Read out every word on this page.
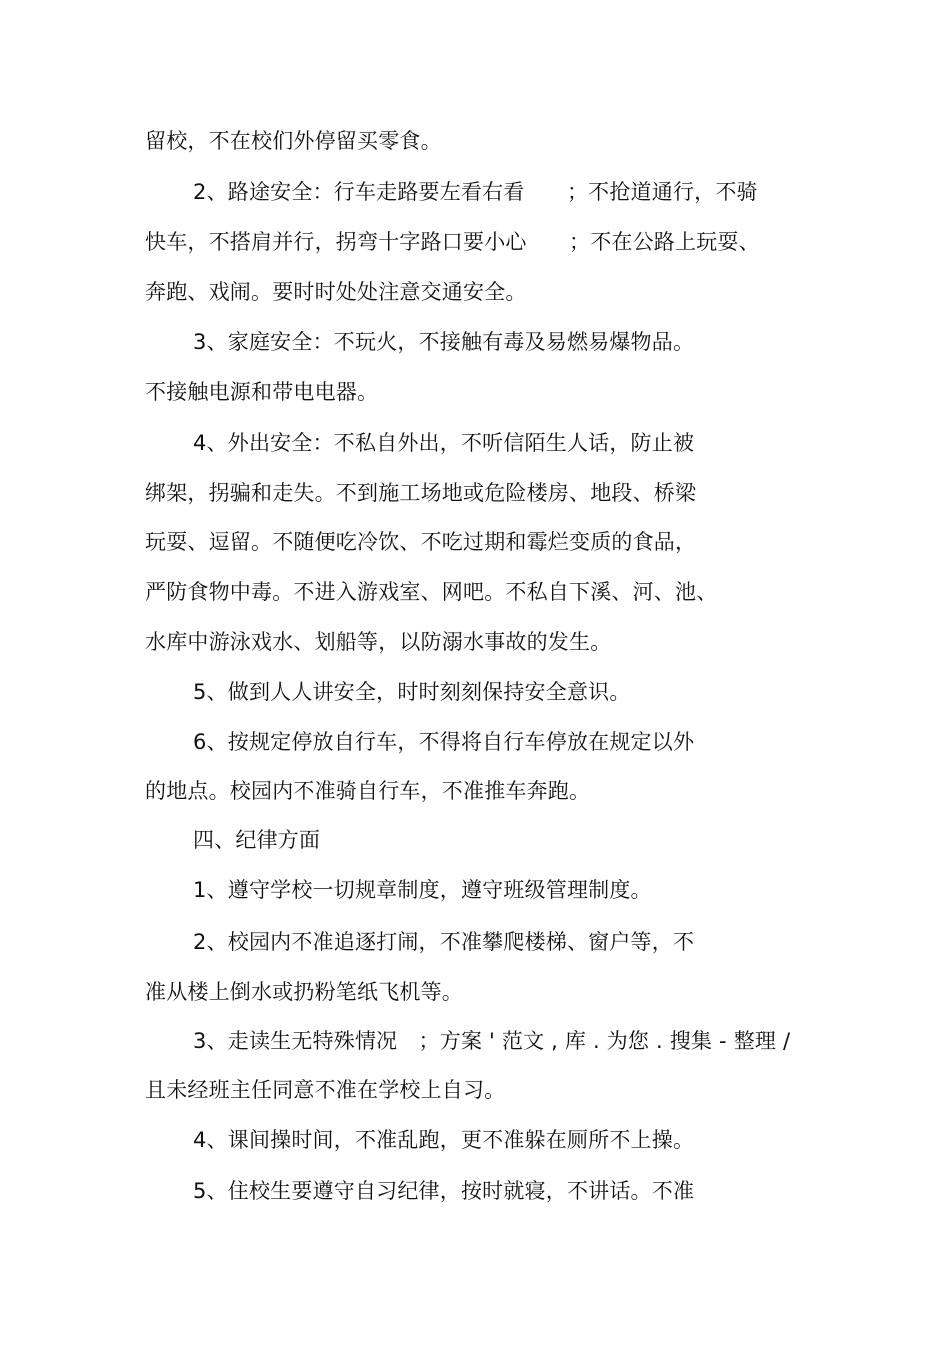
留校，不在校们外停留买零食。
2、路途安全：行车走路要左看右看　　；不抢道通行，不骑
快车，不搭肩并行，拐弯十字路口要小心　　；不在公路上玩耍、
奔跑、戏闹。要时时处处注意交通安全。
3、家庭安全：不玩火，不接触有毒及易燃易爆物品。
不接触电源和带电电器。
4、外出安全：不私自外出，不听信陌生人话，防止被
绑架，拐骗和走失。不到施工场地或危险楼房、地段、桥梁
玩耍、逗留。不随便吃冷饮、不吃过期和霉烂变质的食品，
严防食物中毒。不进入游戏室、网吧。不私自下溪、河、池、
水库中游泳戏水、划船等，以防溺水事故的发生。
5、做到人人讲安全，时时刻刻保持安全意识。
6、按规定停放自行车，不得将自行车停放在规定以外
的地点。校园内不准骑自行车，不准推车奔跑。
四、纪律方面
1、遵守学校一切规章制度，遵守班级管理制度。
2、校园内不准追逐打闹，不准攀爬楼梯、窗户等，不
准从楼上倒水或扔粉笔纸飞机等。
3、走读生无特殊情况　；方案 ' 范文 , 库 . 为您 . 搜集 - 整理 /
且未经班主任同意不准在学校上自习。
4、课间操时间，不准乱跑，更不准躲在厕所不上操。
5、住校生要遵守自习纪律，按时就寝，不讲话。不准
